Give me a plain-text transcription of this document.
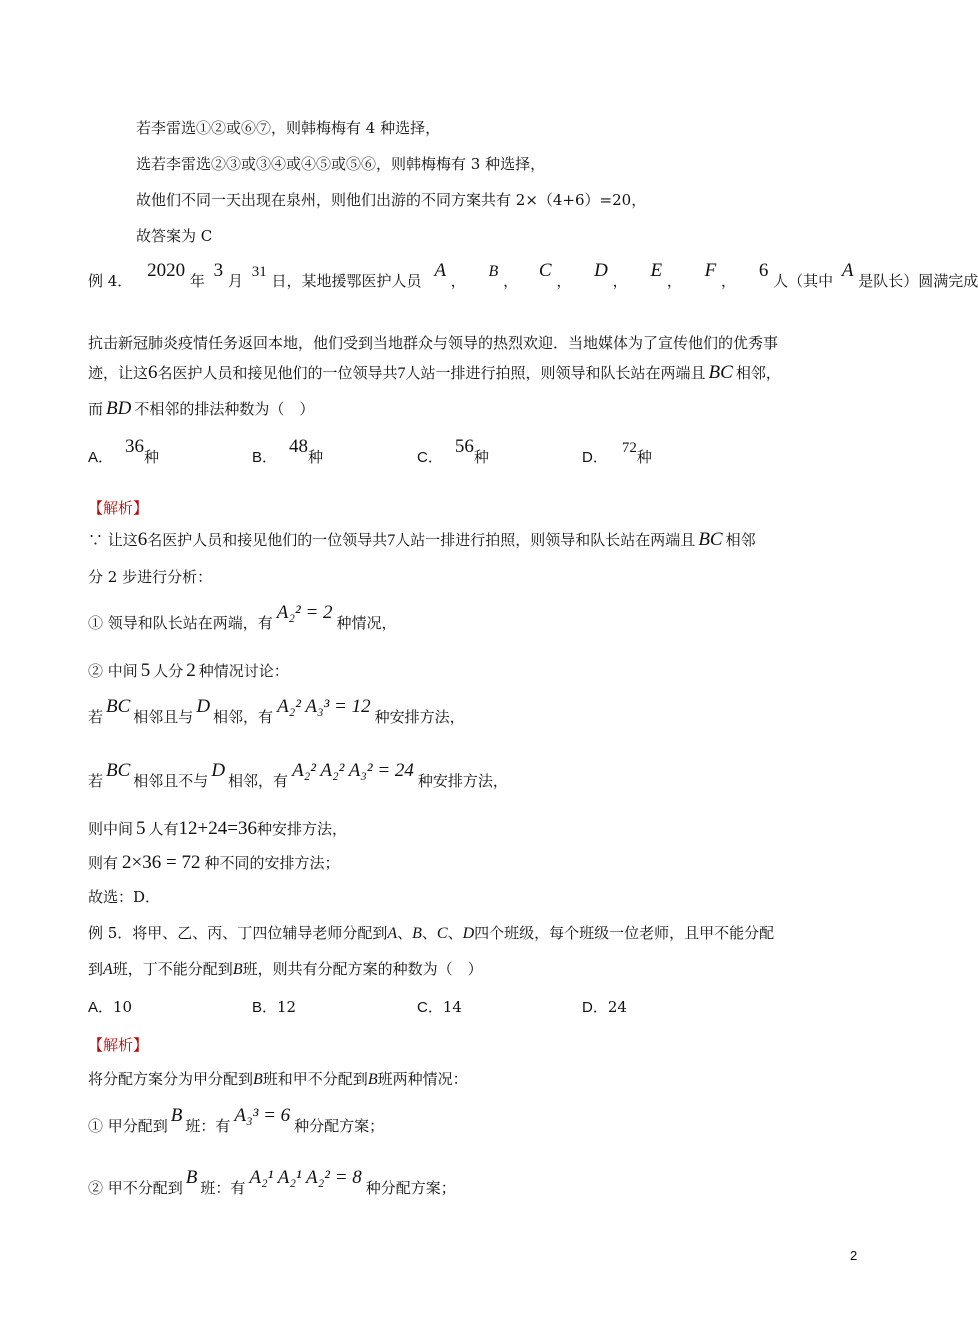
若李雷选①②或⑥⑦，则韩梅梅有 4 种选择，
选若李雷选②③或③④或④⑤或⑤⑥，则韩梅梅有 3 种选择，
故他们不同一天出现在泉州，则他们出游的不同方案共有 2×（4+6）=20，
故答案为 C
例 4． 2020 年 3 月 31 日，某地援鄂医护人员 A ， B ， C ， D ， E ， F ， 6 人（其中 A 是队长）圆满完成
抗击新冠肺炎疫情任务返回本地，他们受到当地群众与领导的热烈欢迎．当地媒体为了宣传他们的优秀事
迹，让这6名医护人员和接见他们的一位领导共7人站一排进行拍照，则领导和队长站在两端且 BC 相邻，
而 BD 不相邻的排法种数为（　）
A．36种	B．48种	C．56种	D．72种
【解析】
∵ 让这6名医护人员和接见他们的一位领导共7人站一排进行拍照，则领导和队长站在两端且 BC 相邻
分 2 步进行分析：
① 领导和队长站在两端，有 A₂² = 2 种情况，
② 中间 5 人分 2 种情况讨论：
若 BC 相邻且与 D 相邻，有 A₂² A₃³ = 12 种安排方法，
若 BC 相邻且不与 D 相邻，有 A₂² A₂² A₃² = 24 种安排方法，
则中间 5 人有12+24=36种安排方法，
则有 2×36 = 72 种不同的安排方法；
故选：D．
例 5．将甲、乙、丙、丁四位辅导老师分配到A、B、C、D四个班级，每个班级一位老师，且甲不能分配
到A班，丁不能分配到B班，则共有分配方案的种数为（　）
A．10	B．12	C．14	D．24
【解析】
将分配方案分为甲分配到B班和甲不分配到B班两种情况：
① 甲分配到 B 班：有 A₃³ = 6 种分配方案；
② 甲不分配到 B 班：有 A₂¹ A₂¹ A₂² = 8 种分配方案；
2
